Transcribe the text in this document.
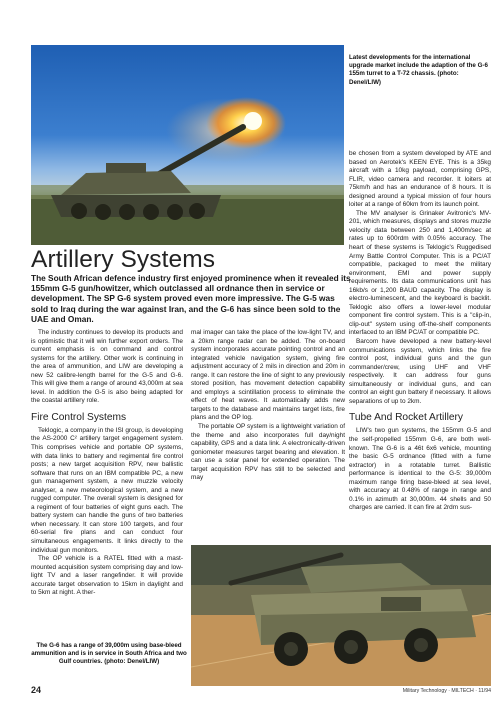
Latest developments for the international upgrade market include the adaption of the G-6 155m turret to a T-72 chassis. (photo: Denel/LIW)
Artillery Systems
The South African defence industry first enjoyed prominence when it revealed its 155mm G-5 gun/howitzer, which outclassed all ordnance then in service or development. The SP G-6 system proved even more impressive. The G-5 was sold to Iraq during the war against Iran, and the G-6 has since been sold to the UAE and Oman.

The industry continues to develop its products and is optimistic that it will win further export orders. The current emphasis is on command and control systems for the artillery. Other work is continuing in the area of ammunition, and LIW are developing a new 52 calibre-length barrel for the G-5 and G-6. This will give them a range of around 43,000m at sea level. In addition the G-5 is also being adapted for the coastal artillery role.

Fire Control Systems

Teklogic, a company in the ISI group, is developing the AS-2000 C² artillery target engagement system. This comprises vehicle and portable OP systems, with data links to battery and regimental fire control posts; a new target acquisition RPV, new ballistic software that runs on an IBM compatible PC, a new gun management system, a new muzzle velocity analyser, a new meteorological system, and a new rugged computer. The overall system is designed for a regiment of four batteries of eight guns each. The battery system can handle the guns of two batteries when necessary. It can store 100 targets, and four 60-serial fire plans and can conduct four simultaneous engagements. It links directly to the individual gun monitors.

The OP vehicle is a RATEL fitted with a mast-mounted acquisition system comprising day and low-light TV and a laser rangefinder. It will provide accurate target observation to 15km in daylight and to 5km at night. A ther-

mal imager can take the place of the low-light TV, and a 20km range radar can be added. The on-board system incorporates accurate pointing control and an integrated vehicle navigation system, giving fire adjustment accuracy of 2 mils in direction and 20m in range. It can restore the line of sight to any previously stored position, has movement detection capability and employs a scintillation process to eliminate the effect of heat waves. It automatically adds new targets to the database and maintains target lists, fire plans and the OP log.

The portable OP system is a lightweight variation of the theme and also incorporates full day/night capability, GPS and a data link. A electronically-driven goniometer measures target bearing and elevation. It can use a solar panel for extended operation. The target acquisition RPV has still to be selected and may

be chosen from a system developed by ATE and based on Aerotek's KEEN EYE. This is a 35kg aircraft with a 10kg payload, comprising GPS, FLIR, video camera and recorder. It loiters at 75km/h and has an endurance of 8 hours. It is designed around a typical mission of four hours loiter at a range of 60km from its launch point.

The MV analyser is Grinaker Avitronic's MV-201, which measures, displays and stores muzzle velocity data between 250 and 1,400m/sec at rates up to 600rdm with 0.05% accuracy. The heart of these systems is Teklogic's Ruggedised Army Battle Control Computer. This is a PC/AT compatible, packaged to meet the military environment, EMI and power supply requirements. Its data communications unit has 16kb/s or 1,200 BAUD capacity. The display is electro-luminescent, and the keyboard is backlit. Teklogic also offers a lower-level modular component fire control system. This is a "clip-in, clip-out" system using off-the-shelf components interfaced to an IBM PC/AT or compatible PC.

Barcom have developed a new battery-level communications system, which links the fire control post, individual guns and the gun commander/crew, using UHF and VHF respectively. It can address four guns simultaneously or individual guns, and can control an eight gun battery if necessary. It allows separations of up to 2km.

Tube And Rocket Artillery

LIW's two gun systems, the 155mm G-5 and the self-propelled 155mm G-6, are both well-known. The G-6 is a 46t 6x6 vehicle, mounting the basic G-5 ordnance (fitted with a fume extractor) in a rotatable turret. Ballistic performance is identical to the G-5: 39,000m maximum range firing base-bleed at sea level, with accuracy at 0.48% of range in range and 0.1% in azimuth at 30,000m. 44 shells and 50 charges are carried. It can fire at 2rdm sus-

The G-6 has a range of 39,000m using base-bleed ammunition and is in service in South Africa and two Gulf countries. (photo: Denel/LIW)
24	Military Technology · MILTECH · 11/94
